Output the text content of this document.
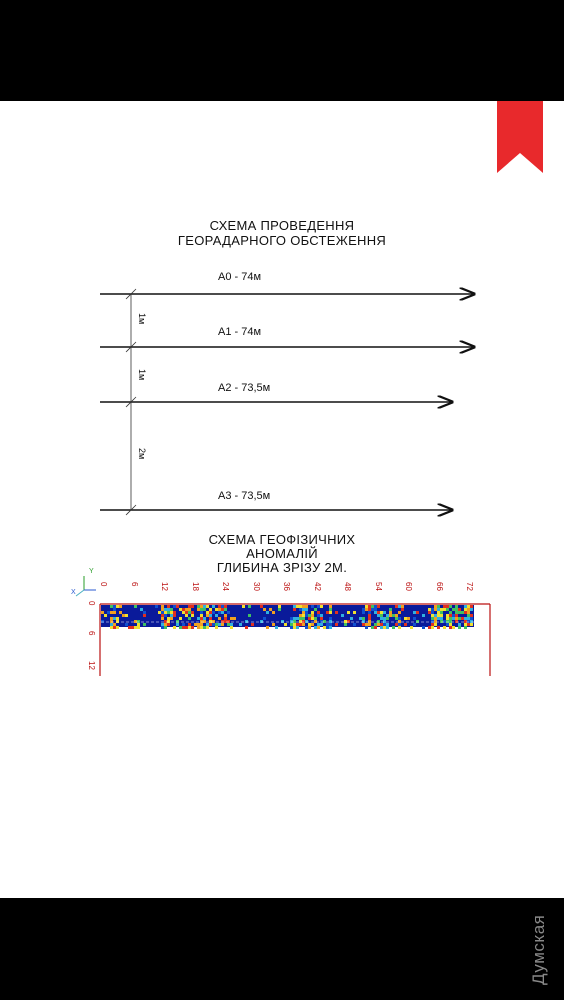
СХЕМА ПРОВЕДЕННЯ
ГЕОРАДАРНОГО ОБСТЕЖЕННЯ
Y
X
А0 - 74м
А1 - 74м
А2 - 73,5м
А3 - 73,5м
1м
1м
2м
СХЕМА ГЕОФІЗИЧНИХ
АНОМАЛІЙ
ГЛИБИНА ЗРІЗУ 2М.
0	6	12	18	24	30	36	42	48	54	60	66	72
0
6
12
Думская
